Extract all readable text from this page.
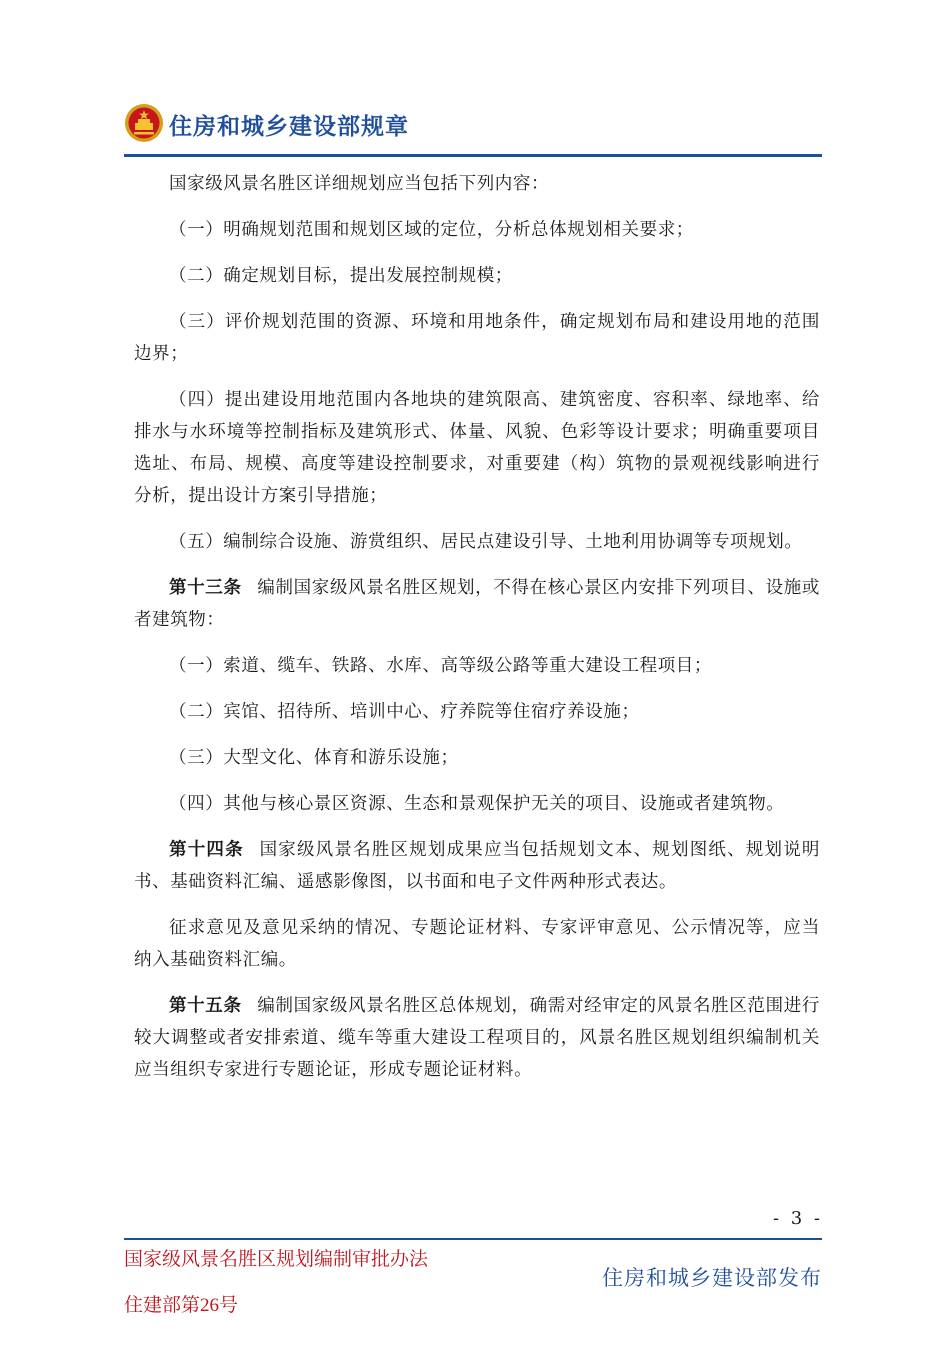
住房和城乡建设部规章

国家级风景名胜区详细规划应当包括下列内容：

（一）明确规划范围和规划区域的定位，分析总体规划相关要求；

（二）确定规划目标，提出发展控制规模；

（三）评价规划范围的资源、环境和用地条件，确定规划布局和建设用地的范围边界；

（四）提出建设用地范围内各地块的建筑限高、建筑密度、容积率、绿地率、给排水与水环境等控制指标及建筑形式、体量、风貌、色彩等设计要求；明确重要项目选址、布局、规模、高度等建设控制要求，对重要建（构）筑物的景观视线影响进行分析，提出设计方案引导措施；

（五）编制综合设施、游赏组织、居民点建设引导、土地利用协调等专项规划。

第十三条 编制国家级风景名胜区规划，不得在核心景区内安排下列项目、设施或者建筑物：

（一）索道、缆车、铁路、水库、高等级公路等重大建设工程项目；

（二）宾馆、招待所、培训中心、疗养院等住宿疗养设施；

（三）大型文化、体育和游乐设施；

（四）其他与核心景区资源、生态和景观保护无关的项目、设施或者建筑物。

第十四条 国家级风景名胜区规划成果应当包括规划文本、规划图纸、规划说明书、基础资料汇编、遥感影像图，以书面和电子文件两种形式表达。

征求意见及意见采纳的情况、专题论证材料、专家评审意见、公示情况等，应当纳入基础资料汇编。

第十五条 编制国家级风景名胜区总体规划，确需对经审定的风景名胜区范围进行较大调整或者安排索道、缆车等重大建设工程项目的，风景名胜区规划组织编制机关应当组织专家进行专题论证，形成专题论证材料。

- 3 -
国家级风景名胜区规划编制审批办法
住建部第26号
住房和城乡建设部发布
